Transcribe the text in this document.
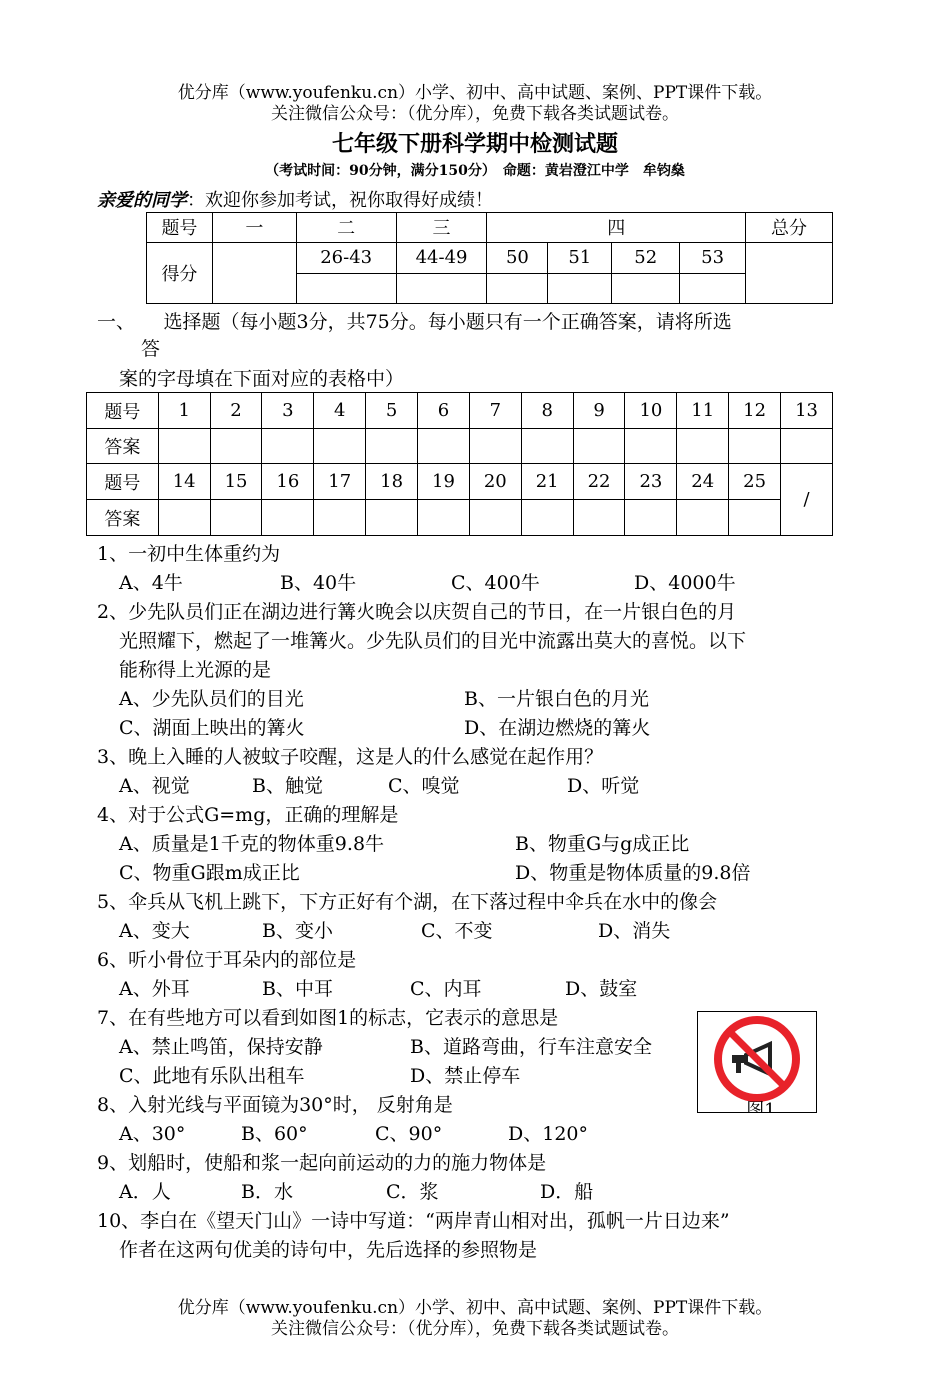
优分库（www.youfenku.cn）小学、初中、高中试题、案例、PPT课件下载。
关注微信公众号：（优分库），免费下载各类试题试卷。
七年级下册科学期中检测试题
（考试时间：90分钟，满分150分）　命题：黄岩澄江中学　牟钧燊
亲爱的同学：欢迎你参加考试，祝你取得好成绩！
题号	一	二	三	四				总分
得分		26-43	44-49	50	51	52	53	

一、　　选择题（每小题3分，共75分。每小题只有一个正确答案，请将所选
答
案的字母填在下面对应的表格中）
题号	1	2	3	4	5	6	7	8	9	10	11	12	13
答案													
题号	14	15	16	17	18	19	20	21	22	23	24	25	/
答案													
1、一初中生体重约为
A、4牛	B、40牛	C、400牛	D、4000牛
2、少先队员们正在湖边进行篝火晚会以庆贺自己的节日，在一片银白色的月
光照耀下，燃起了一堆篝火。少先队员们的目光中流露出莫大的喜悦。以下
能称得上光源的是
A、少先队员们的目光	B、一片银白色的月光
C、湖面上映出的篝火	D、在湖边燃烧的篝火
3、晚上入睡的人被蚊子咬醒，这是人的什么感觉在起作用？
A、视觉	B、触觉	C、嗅觉	D、听觉
4、对于公式G=mg，正确的理解是
A、质量是1千克的物体重9.8牛	B、物重G与g成正比
C、物重G跟m成正比	D、物重是物体质量的9.8倍
5、伞兵从飞机上跳下，下方正好有个湖，在下落过程中伞兵在水中的像会
A、变大	B、变小	C、不变	D、消失
6、听小骨位于耳朵内的部位是
A、外耳	B、中耳	C、内耳	D、鼓室
7、在有些地方可以看到如图1的标志，它表示的意思是
A、禁止鸣笛，保持安静	B、道路弯曲，行车注意安全
C、此地有乐队出租车	D、禁止停车
图1
8、入射光线与平面镜为30°时， 反射角是
A、30°	B、60°	C、90°	D、120°
9、划船时，使船和浆一起向前运动的力的施力物体是
A．人	B．水	C．浆	D．船
10、李白在《望天门山》一诗中写道：“两岸青山相对出，孤帆一片日边来”
作者在这两句优美的诗句中，先后选择的参照物是
优分库（www.youfenku.cn）小学、初中、高中试题、案例、PPT课件下载。
关注微信公众号：（优分库），免费下载各类试题试卷。
